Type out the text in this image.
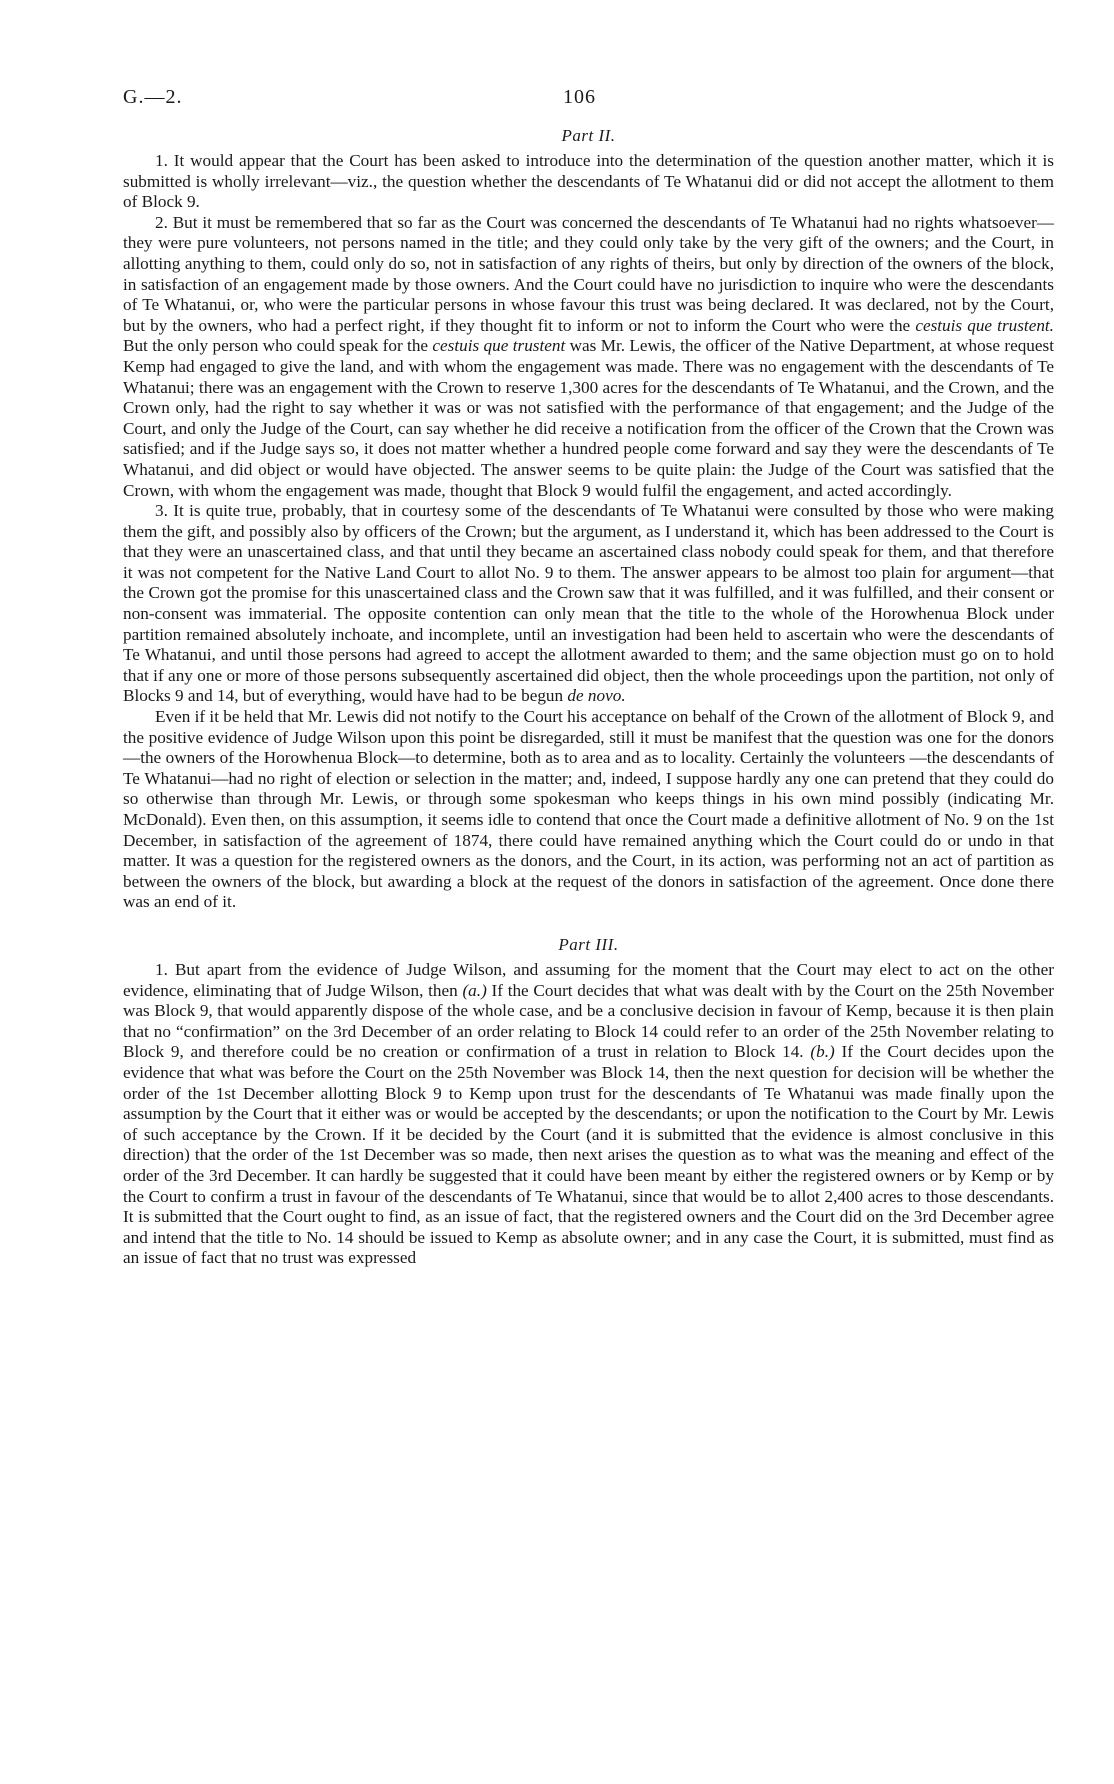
G.—2.	106
Part II.

1. It would appear that the Court has been asked to introduce into the determination of the question another matter, which it is submitted is wholly irrelevant—viz., the question whether the descendants of Te Whatanui did or did not accept the allotment to them of Block 9.

2. But it must be remembered that so far as the Court was concerned the descendants of Te Whatanui had no rights whatsoever—they were pure volunteers, not persons named in the title; and they could only take by the very gift of the owners; and the Court, in allotting anything to them, could only do so, not in satisfaction of any rights of theirs, but only by direction of the owners of the block, in satisfaction of an engagement made by those owners. And the Court could have no jurisdiction to inquire who were the descendants of Te Whatanui, or, who were the particular persons in whose favour this trust was being declared. It was declared, not by the Court, but by the owners, who had a perfect right, if they thought fit to inform or not to inform the Court who were the cestuis que trustent. But the only person who could speak for the cestuis que trustent was Mr. Lewis, the officer of the Native Department, at whose request Kemp had engaged to give the land, and with whom the engagement was made. There was no engagement with the descendants of Te Whatanui; there was an engagement with the Crown to reserve 1,300 acres for the descendants of Te Whatanui, and the Crown, and the Crown only, had the right to say whether it was or was not satisfied with the performance of that engagement; and the Judge of the Court, and only the Judge of the Court, can say whether he did receive a notification from the officer of the Crown that the Crown was satisfied; and if the Judge says so, it does not matter whether a hundred people come forward and say they were the descendants of Te Whatanui, and did object or would have objected. The answer seems to be quite plain: the Judge of the Court was satisfied that the Crown, with whom the engagement was made, thought that Block 9 would fulfil the engagement, and acted accordingly.

3. It is quite true, probably, that in courtesy some of the descendants of Te Whatanui were consulted by those who were making them the gift, and possibly also by officers of the Crown; but the argument, as I understand it, which has been addressed to the Court is that they were an unascertained class, and that until they became an ascertained class nobody could speak for them, and that therefore it was not competent for the Native Land Court to allot No. 9 to them. The answer appears to be almost too plain for argument—that the Crown got the promise for this unascertained class and the Crown saw that it was fulfilled, and it was fulfilled, and their consent or non-consent was immaterial. The opposite contention can only mean that the title to the whole of the Horowhenua Block under partition remained absolutely inchoate, and incomplete, until an investigation had been held to ascertain who were the descendants of Te Whatanui, and until those persons had agreed to accept the allotment awarded to them; and the same objection must go on to hold that if any one or more of those persons subsequently ascertained did object, then the whole proceedings upon the partition, not only of Blocks 9 and 14, but of everything, would have had to be begun de novo.

Even if it be held that Mr. Lewis did not notify to the Court his acceptance on behalf of the Crown of the allotment of Block 9, and the positive evidence of Judge Wilson upon this point be disregarded, still it must be manifest that the question was one for the donors—the owners of the Horowhenua Block—to determine, both as to area and as to locality. Certainly the volunteers —the descendants of Te Whatanui—had no right of election or selection in the matter; and, indeed, I suppose hardly any one can pretend that they could do so otherwise than through Mr. Lewis, or through some spokesman who keeps things in his own mind possibly (indicating Mr. McDonald). Even then, on this assumption, it seems idle to contend that once the Court made a definitive allotment of No. 9 on the 1st December, in satisfaction of the agreement of 1874, there could have remained anything which the Court could do or undo in that matter. It was a question for the registered owners as the donors, and the Court, in its action, was performing not an act of partition as between the owners of the block, but awarding a block at the request of the donors in satisfaction of the agreement. Once done there was an end of it.

Part III.

1. But apart from the evidence of Judge Wilson, and assuming for the moment that the Court may elect to act on the other evidence, eliminating that of Judge Wilson, then (a.) If the Court decides that what was dealt with by the Court on the 25th November was Block 9, that would apparently dispose of the whole case, and be a conclusive decision in favour of Kemp, because it is then plain that no “confirmation” on the 3rd December of an order relating to Block 14 could refer to an order of the 25th November relating to Block 9, and therefore could be no creation or confirmation of a trust in relation to Block 14. (b.) If the Court decides upon the evidence that what was before the Court on the 25th November was Block 14, then the next question for decision will be whether the order of the 1st December allotting Block 9 to Kemp upon trust for the descendants of Te Whatanui was made finally upon the assumption by the Court that it either was or would be accepted by the descendants; or upon the notification to the Court by Mr. Lewis of such acceptance by the Crown. If it be decided by the Court (and it is submitted that the evidence is almost conclusive in this direction) that the order of the 1st December was so made, then next arises the question as to what was the meaning and effect of the order of the 3rd December. It can hardly be suggested that it could have been meant by either the registered owners or by Kemp or by the Court to confirm a trust in favour of the descendants of Te Whatanui, since that would be to allot 2,400 acres to those descendants. It is submitted that the Court ought to find, as an issue of fact, that the registered owners and the Court did on the 3rd December agree and intend that the title to No. 14 should be issued to Kemp as absolute owner; and in any case the Court, it is submitted, must find as an issue of fact that no trust was expressed
